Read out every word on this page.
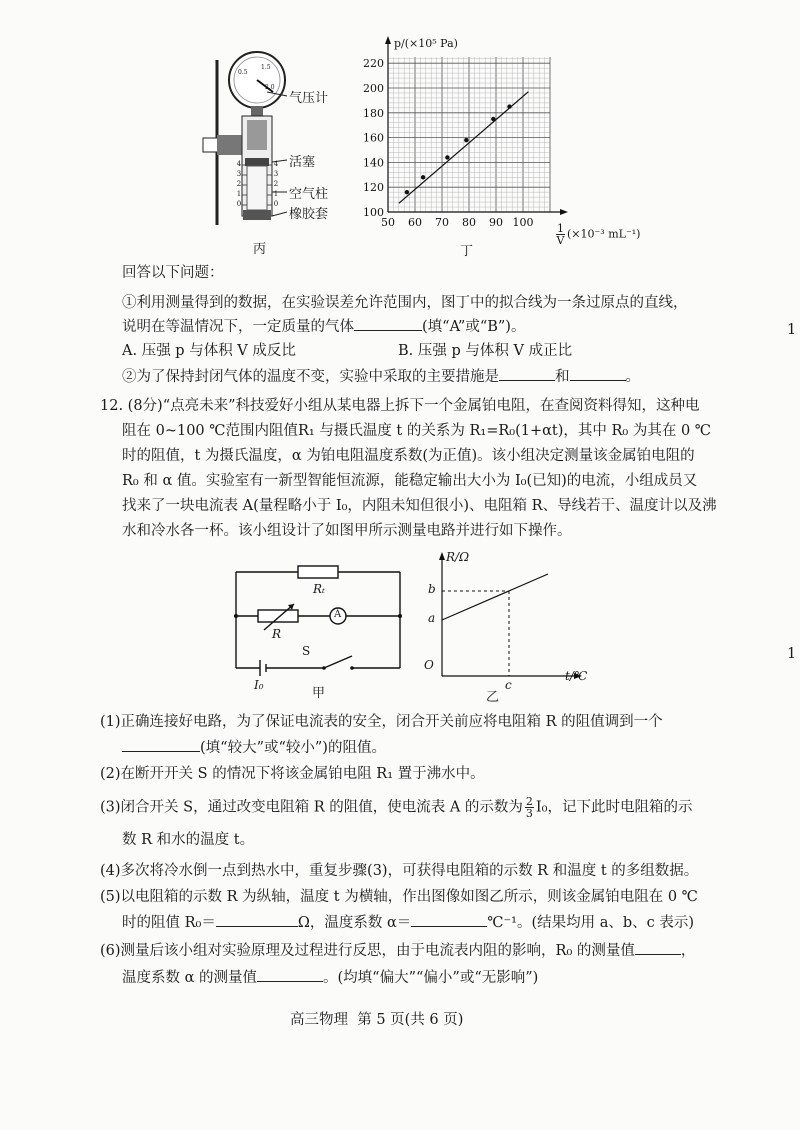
0.5
1.5
2.0
4
3
2
1
0
4
3
2
1
0
气压计
活塞
空气柱
橡胶套
丙
50 60 70 80 90 100
100
120
140
160
180
200
220
p/(×10⁵ Pa)
$\frac{1}{V} (\times 10^{-3}$ mL⁻¹)
丁
回答以下问题：
①利用测量得到的数据，在实验误差允许范围内，图丁中的拟合线为一条过原点的直线，
说明在等温情况下，一定质量的气体	(填“A”或“B”)。
A. 压强 p 与体积 V 成反比	B. 压强 p 与体积 V 成正比
②为了保持封闭气体的温度不变，实验中采取的主要措施是	和	。
12. (8分)“点亮未来”科技爱好小组从某电器上拆下一个金属铂电阻，在查阅资料得知，这种电
阻在 0~100 ℃范围内阻值R₁ 与摄氏温度 t 的关系为 R₁=R₀(1+αt)，其中 R₀ 为其在 0 ℃
时的阻值，t 为摄氏温度，α 为铂电阻温度系数(为正值)。该小组决定测量该金属铂电阻的
R₀ 和 α 值。实验室有一新型智能恒流源，能稳定输出大小为 I₀(已知)的电流，小组成员又
找来了一块电流表 A(量程略小于 I₀，内阻未知但很小)、电阻箱 R、导线若干、温度计以及沸
水和冷水各一杯。该小组设计了如图甲所示测量电路并进行如下操作。
Rₜ
R
A
S
I₀
甲
R/Ω
b
a
O
c
t/℃
乙
(1)正确连接好电路，为了保证电流表的安全，闭合开关前应将电阻箱 R 的阻值调到一个
(填“较大”或“较小”)的阻值。
(2)在断开开关 S 的情况下将该金属铂电阻 R₁ 置于沸水中。
(3)闭合开关 S，通过改变电阻箱 R 的阻值，使电流表 A 的示数为 $\frac{2}{3} I_0$，记下此时电阻箱的示
数 R 和水的温度 t。
(4)多次将冷水倒一点到热水中，重复步骤(3)，可获得电阻箱的示数 R 和温度 t 的多组数据。
(5)以电阻箱的示数 R 为纵轴，温度 t 为横轴，作出图像如图乙所示，则该金属铂电阻在 0 ℃
时的阻值 R₀＝	Ω，温度系数 α＝	℃⁻¹。(结果均用 a、b、c 表示)
(6)测量后该小组对实验原理及过程进行反思，由于电流表内阻的影响，R₀ 的测量值	，
温度系数 α 的测量值	。(均填“偏大”“偏小”或“无影响”)
高三物理 第 5 页(共 6 页)
1
1
